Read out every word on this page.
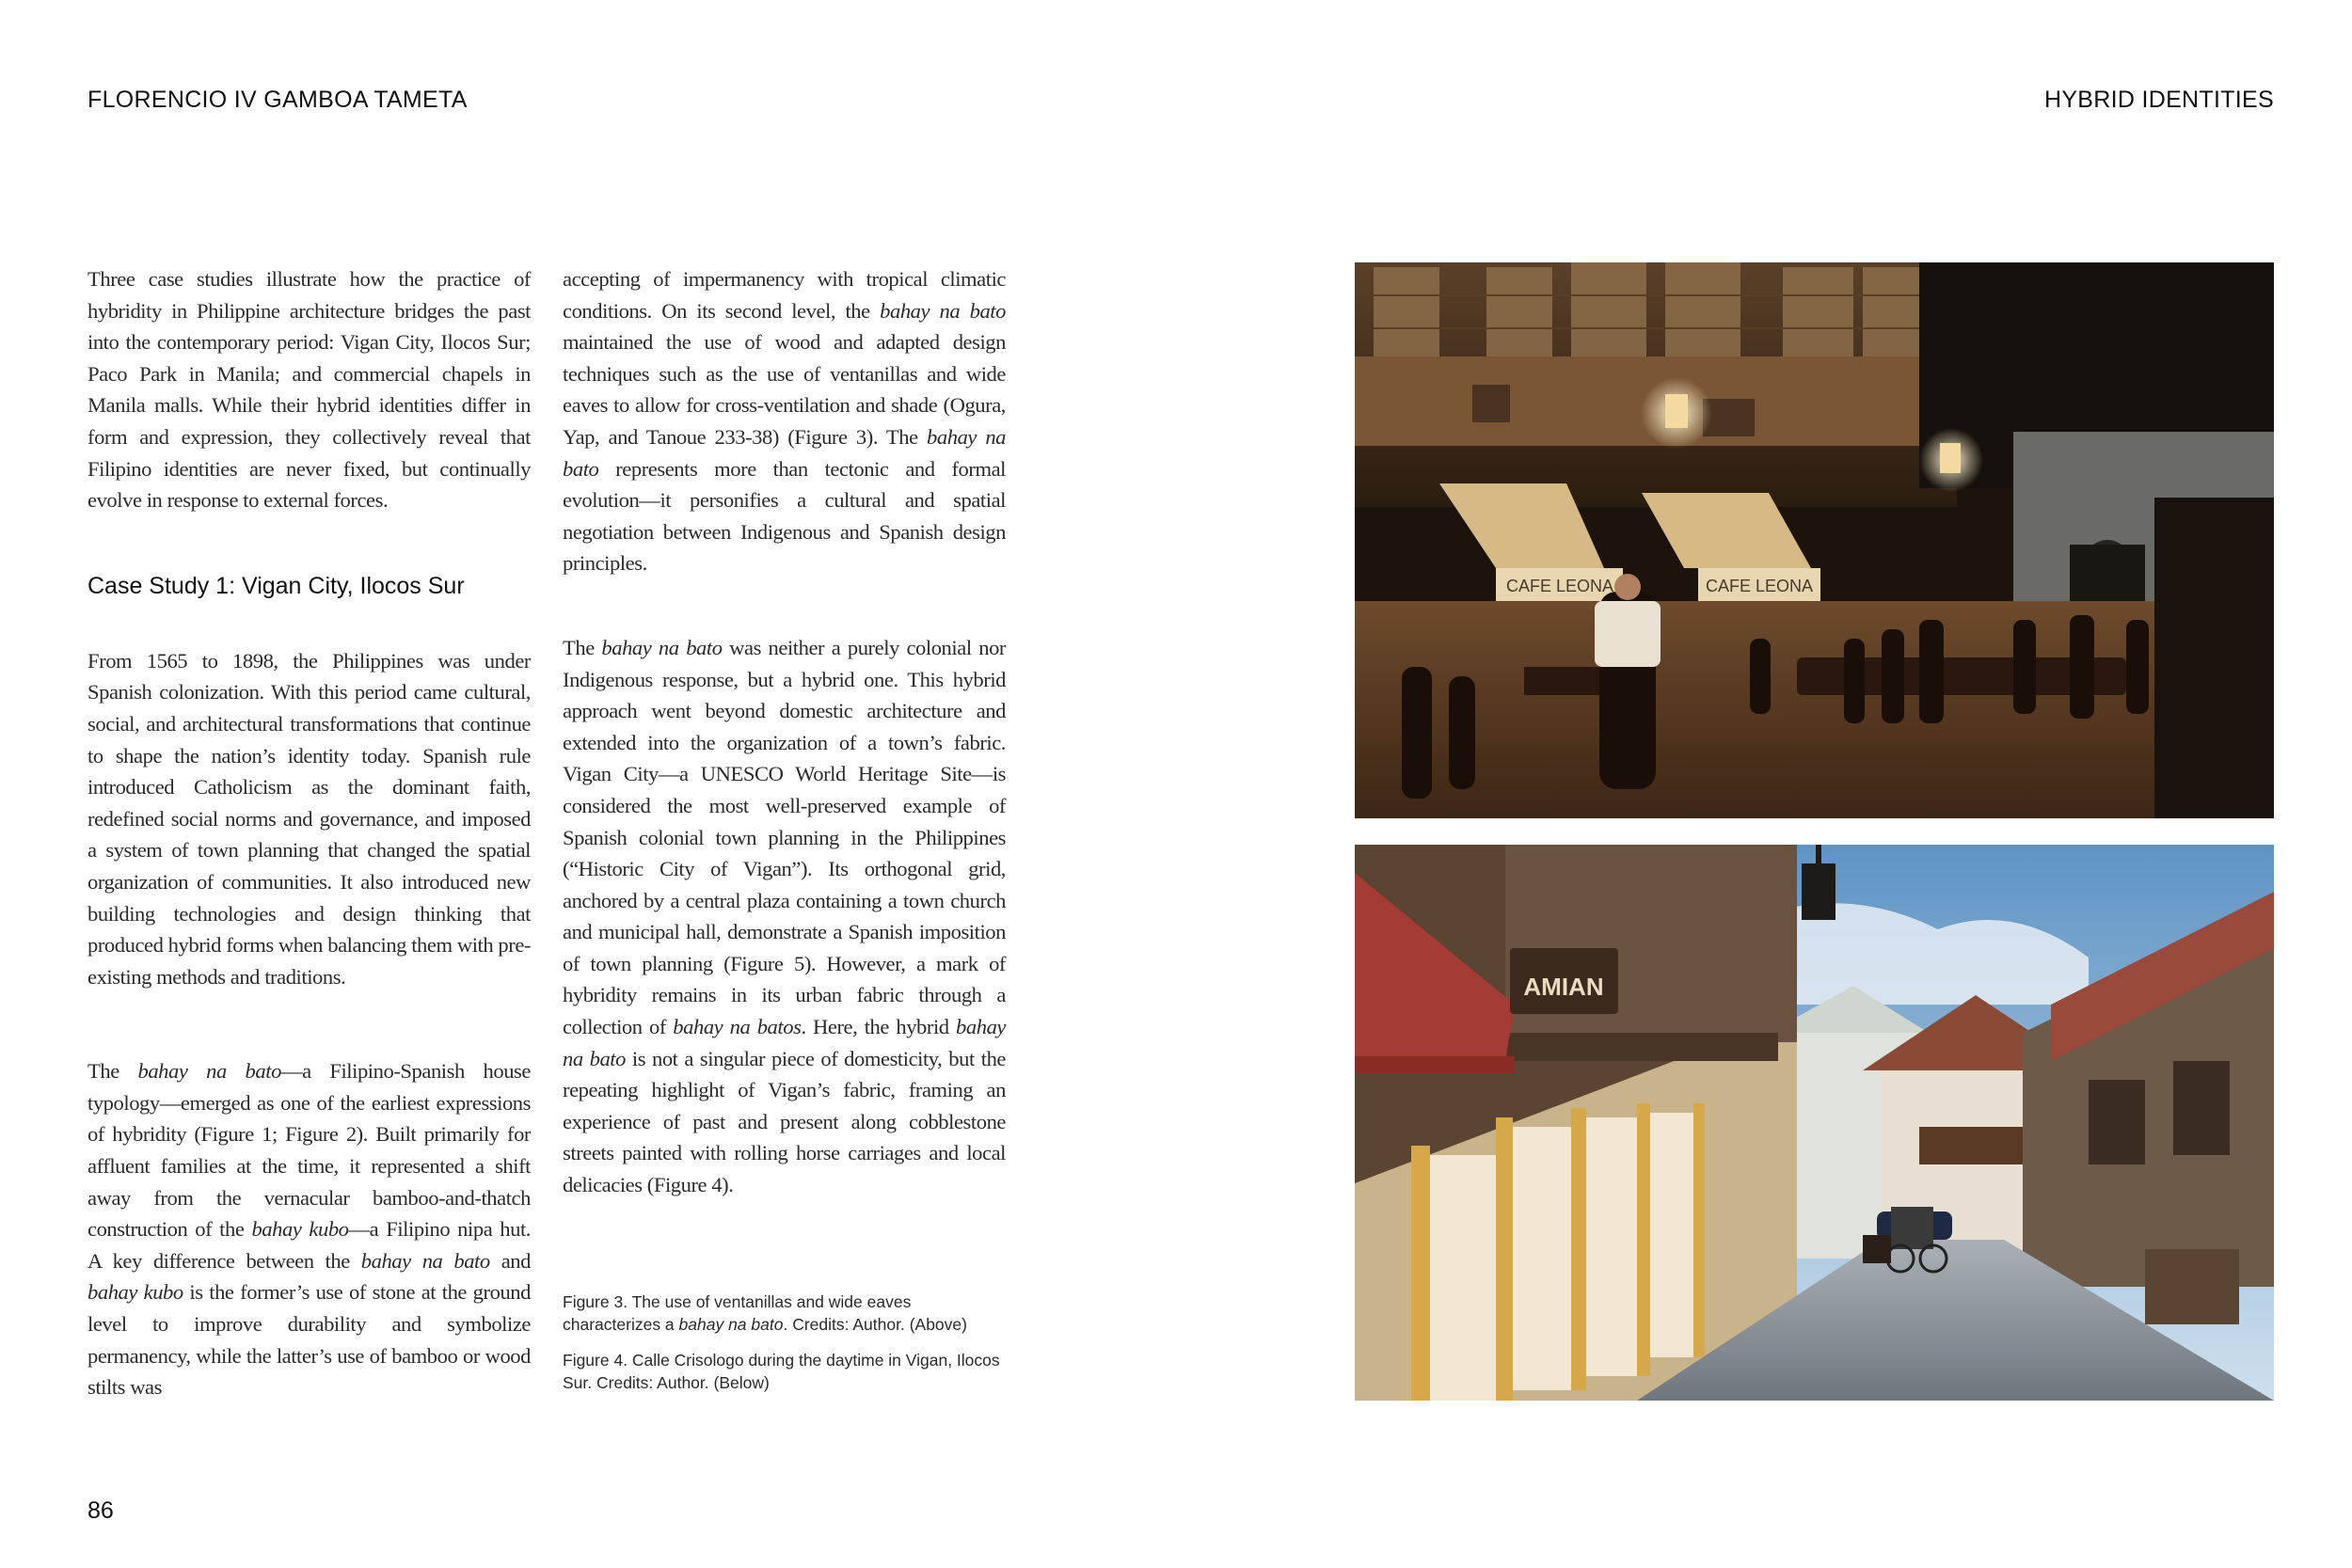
FLORENCIO IV GAMBOA TAMETA	HYBRID IDENTITIES

Three case studies illustrate how the practice of hybridity in Philippine architecture bridges the past into the contemporary period: Vigan City, Ilocos Sur; Paco Park in Manila; and commercial chapels in Manila malls. While their hybrid identities differ in form and expression, they collectively reveal that Filipino identities are never fixed, but continually evolve in response to external forces.

Case Study 1: Vigan City, Ilocos Sur

From 1565 to 1898, the Philippines was under Spanish colonization. With this period came cultural, social, and architectural transformations that continue to shape the nation’s identity today. Spanish rule introduced Catholicism as the dominant faith, redefined social norms and governance, and imposed a system of town planning that changed the spatial organization of communities. It also introduced new building technologies and design thinking that produced hybrid forms when balancing them with pre-existing methods and traditions.

The bahay na bato—a Filipino-Spanish house typology—emerged as one of the earliest expressions of hybridity (Figure 1; Figure 2). Built primarily for affluent families at the time, it represented a shift away from the vernacular bamboo-and-thatch construction of the bahay kubo—a Filipino nipa hut. A key difference between the bahay na bato and bahay kubo is the former’s use of stone at the ground level to improve durability and symbolize permanency, while the latter’s use of bamboo or wood stilts was

accepting of impermanency with tropical climatic conditions. On its second level, the bahay na bato maintained the use of wood and adapted design techniques such as the use of ventanillas and wide eaves to allow for cross-ventilation and shade (Ogura, Yap, and Tanoue 233-38) (Figure 3). The bahay na bato represents more than tectonic and formal evolution—it personifies a cultural and spatial negotiation between Indigenous and Spanish design principles.

The bahay na bato was neither a purely colonial nor Indigenous response, but a hybrid one. This hybrid approach went beyond domestic architecture and extended into the organization of a town’s fabric. Vigan City—a UNESCO World Heritage Site—is considered the most well-preserved example of Spanish colonial town planning in the Philippines (“Historic City of Vigan”). Its orthogonal grid, anchored by a central plaza containing a town church and municipal hall, demonstrate a Spanish imposition of town planning (Figure 5). However, a mark of hybridity remains in its urban fabric through a collection of bahay na batos. Here, the hybrid bahay na bato is not a singular piece of domesticity, but the repeating highlight of Vigan’s fabric, framing an experience of past and present along cobblestone streets painted with rolling horse carriages and local delicacies (Figure 4).

Figure 3. The use of ventanillas and wide eaves characterizes a bahay na bato. Credits: Author. (Above)

Figure 4. Calle Crisologo during the daytime in Vigan, Ilocos Sur. Credits: Author. (Below)

86
CAFE LEONA	CAFE LEONA
AMIAN
